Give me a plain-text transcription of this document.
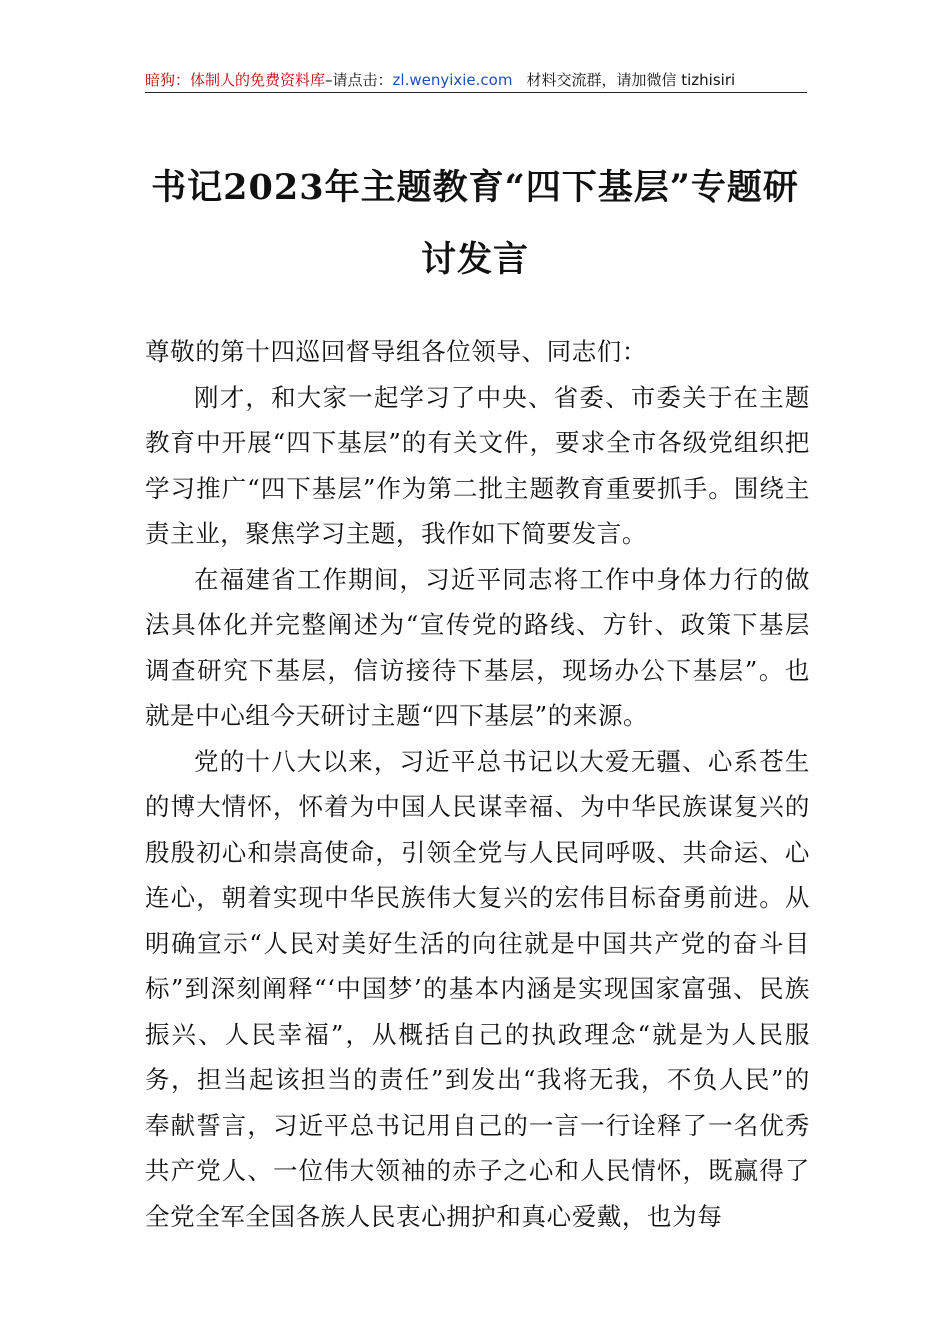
暗狗：体制人的免费资料库–请点击：zl.wenyixie.com 材料交流群，请加微信 tizhisiri
书记2023年主题教育“四下基层”专题研
讨发言

尊敬的第十四巡回督导组各位领导、同志们：

刚才，和大家一起学习了中央、省委、市委关于在主题教育中开展“四下基层”的有关文件，要求全市各级党组织把学习推广“四下基层”作为第二批主题教育重要抓手。围绕主责主业，聚焦学习主题，我作如下简要发言。

在福建省工作期间，习近平同志将工作中身体力行的做法具体化并完整阐述为“宣传党的路线、方针、政策下基层调查研究下基层，信访接待下基层，现场办公下基层”。也就是中心组今天研讨主题“四下基层”的来源。

党的十八大以来，习近平总书记以大爱无疆、心系苍生的博大情怀，怀着为中国人民谋幸福、为中华民族谋复兴的殷殷初心和崇高使命，引领全党与人民同呼吸、共命运、心连心，朝着实现中华民族伟大复兴的宏伟目标奋勇前进。从明确宣示“人民对美好生活的向往就是中国共产党的奋斗目标”到深刻阐释“‘中国梦’的基本内涵是实现国家富强、民族振兴、人民幸福”，从概括自己的执政理念“就是为人民服务，担当起该担当的责任”到发出“我将无我，不负人民”的奉献誓言，习近平总书记用自己的一言一行诠释了一名优秀共产党人、一位伟大领袖的赤子之心和人民情怀，既赢得了全党全军全国各族人民衷心拥护和真心爱戴，也为每
